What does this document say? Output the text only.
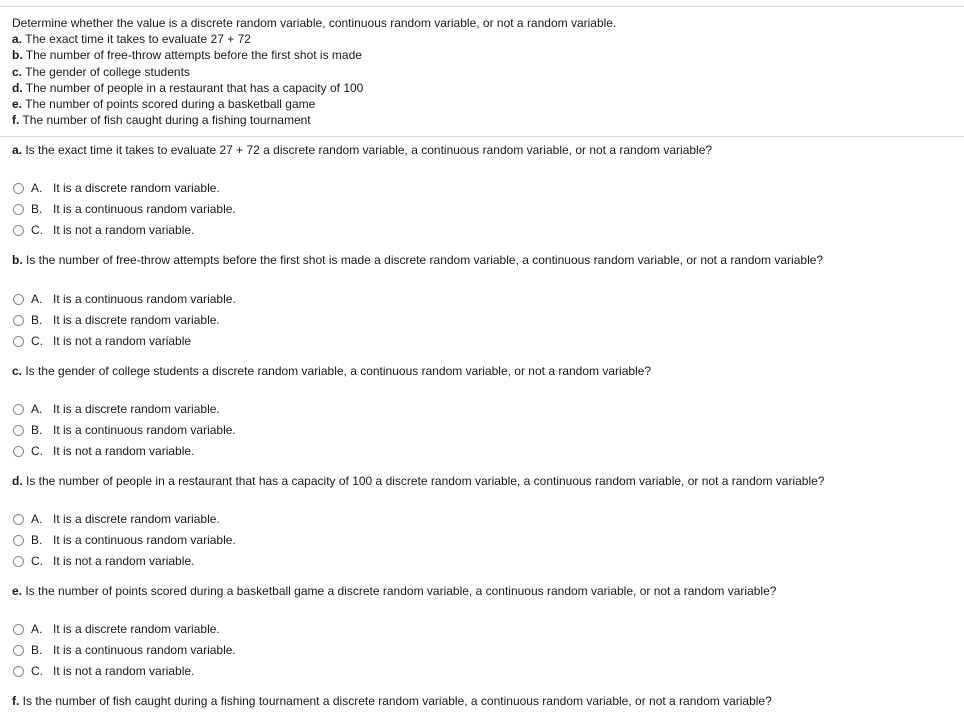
Determine whether the value is a discrete random variable, continuous random variable, or not a random variable.
a. The exact time it takes to evaluate 27 + 72
b. The number of free-throw attempts before the first shot is made
c. The gender of college students
d. The number of people in a restaurant that has a capacity of 100
e. The number of points scored during a basketball game
f. The number of fish caught during a fishing tournament
a. Is the exact time it takes to evaluate 27 + 72 a discrete random variable, a continuous random variable, or not a random variable?
A. It is a discrete random variable.
B. It is a continuous random variable.
C. It is not a random variable.
b. Is the number of free-throw attempts before the first shot is made a discrete random variable, a continuous random variable, or not a random variable?
A. It is a continuous random variable.
B. It is a discrete random variable.
C. It is not a random variable
c. Is the gender of college students a discrete random variable, a continuous random variable, or not a random variable?
A. It is a discrete random variable.
B. It is a continuous random variable.
C. It is not a random variable.
d. Is the number of people in a restaurant that has a capacity of 100 a discrete random variable, a continuous random variable, or not a random variable?
A. It is a discrete random variable.
B. It is a continuous random variable.
C. It is not a random variable.
e. Is the number of points scored during a basketball game a discrete random variable, a continuous random variable, or not a random variable?
A. It is a discrete random variable.
B. It is a continuous random variable.
C. It is not a random variable.
f. Is the number of fish caught during a fishing tournament a discrete random variable, a continuous random variable, or not a random variable?
